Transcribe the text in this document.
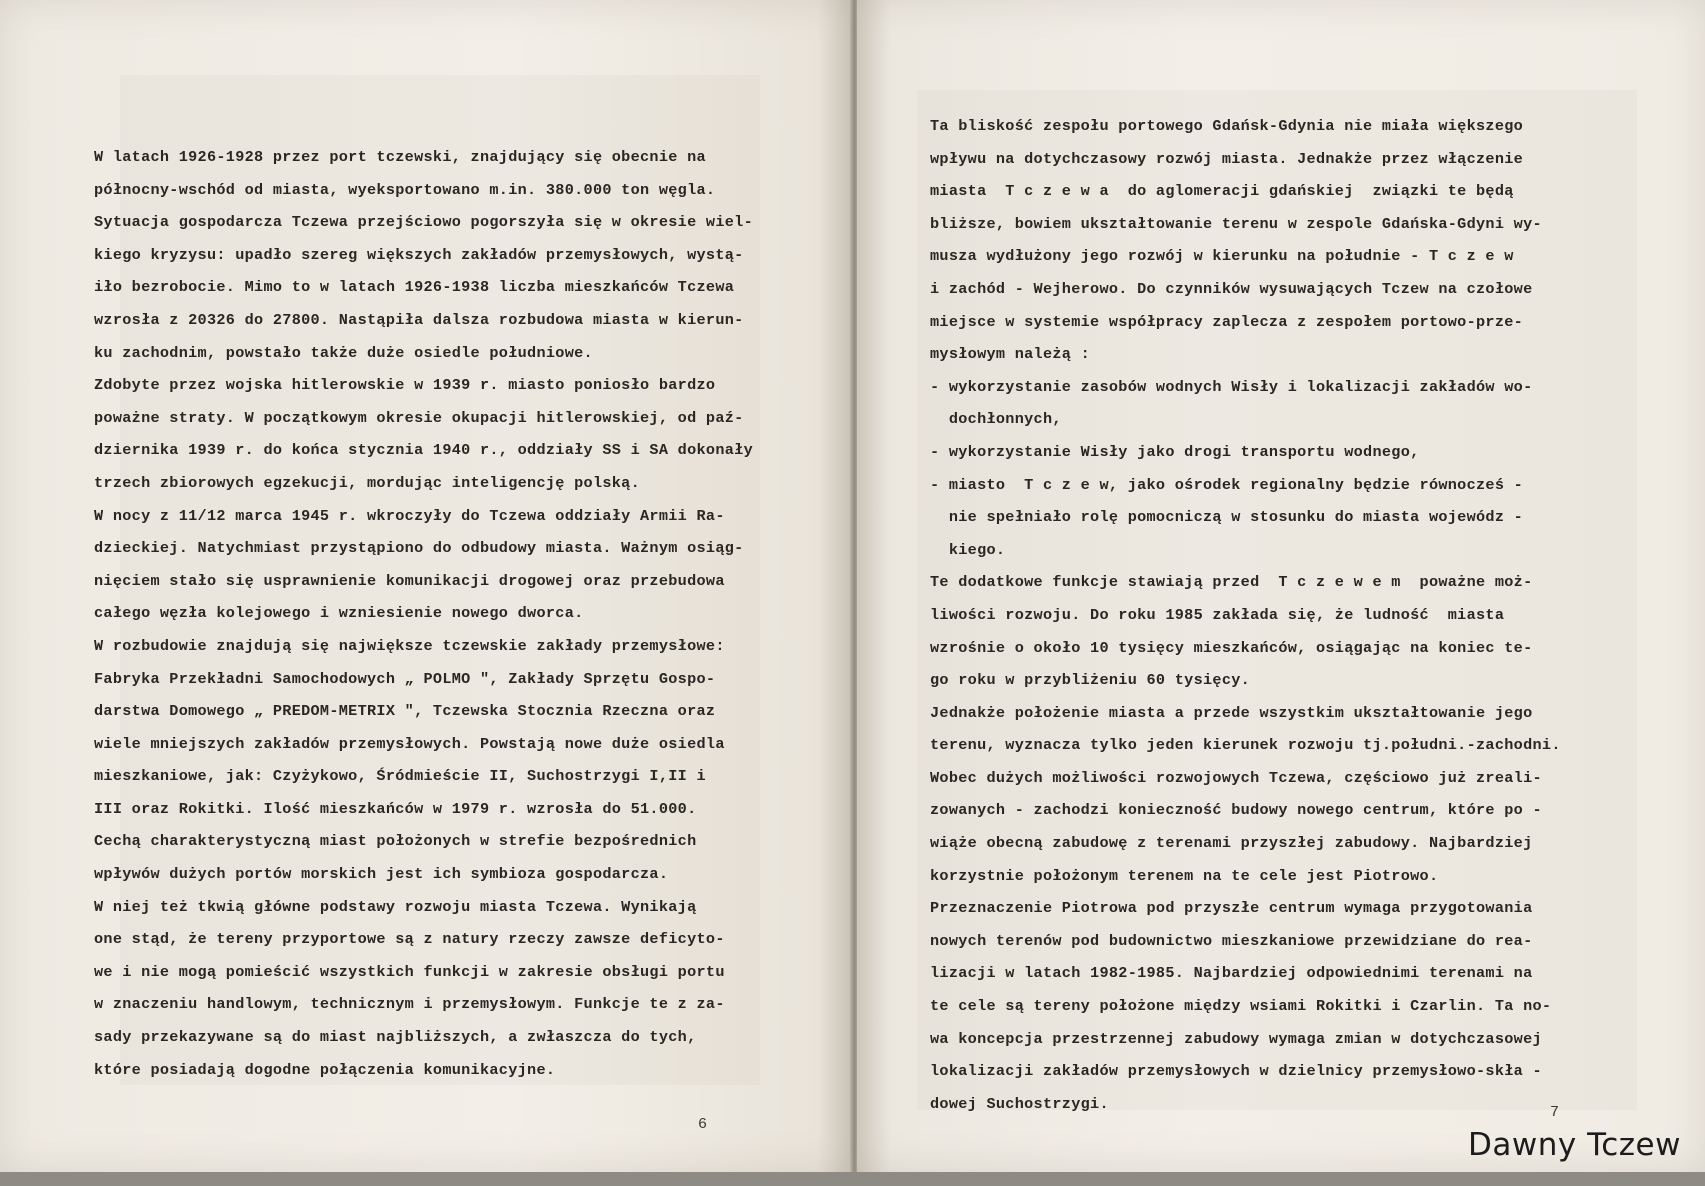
W latach 1926-1928 przez port tczewski, znajdujący się obecnie na

północny-wschód od miasta, wyeksportowano m.in. 380.000 ton węgla.

Sytuacja gospodarcza Tczewa przejściowo pogorszyła się w okresie wiel-

kiego kryzysu: upadło szereg większych zakładów przemysłowych, wystą-

iło bezrobocie. Mimo to w latach 1926-1938 liczba mieszkańców Tczewa

wzrosła z 20326 do 27800. Nastąpiła dalsza rozbudowa miasta w kierun-

ku zachodnim, powstało także duże osiedle południowe.

Zdobyte przez wojska hitlerowskie w 1939 r. miasto poniosło bardzo

poważne straty. W początkowym okresie okupacji hitlerowskiej, od paź-

dziernika 1939 r. do końca stycznia 1940 r., oddziały SS i SA dokonały

trzech zbiorowych egzekucji, mordując inteligencję polską.

W nocy z 11/12 marca 1945 r. wkroczyły do Tczewa oddziały Armii Ra-

dzieckiej. Natychmiast przystąpiono do odbudowy miasta. Ważnym osiąg-

nięciem stało się usprawnienie komunikacji drogowej oraz przebudowa

całego węzła kolejowego i wzniesienie nowego dworca.

W rozbudowie znajdują się największe tczewskie zakłady przemysłowe:

Fabryka Przekładni Samochodowych „ POLMO ", Zakłady Sprzętu Gospo-

darstwa Domowego „ PREDOM-METRIX ", Tczewska Stocznia Rzeczna oraz

wiele mniejszych zakładów przemysłowych. Powstają nowe duże osiedla

mieszkaniowe, jak: Czyżykowo, Śródmieście II, Suchostrzygi I,II i

III oraz Rokitki. Ilość mieszkańców w 1979 r. wzrosła do 51.000.

Cechą charakterystyczną miast położonych w strefie bezpośrednich

wpływów dużych portów morskich jest ich symbioza gospodarcza.

W niej też tkwią główne podstawy rozwoju miasta Tczewa. Wynikają

one stąd, że tereny przyportowe są z natury rzeczy zawsze deficyto-

we i nie mogą pomieścić wszystkich funkcji w zakresie obsługi portu

w znaczeniu handlowym, technicznym i przemysłowym. Funkcje te z za-

sady przekazywane są do miast najbliższych, a zwłaszcza do tych,

które posiadają dogodne połączenia komunikacyjne.

6

Ta bliskość zespołu portowego Gdańsk-Gdynia nie miała większego

wpływu na dotychczasowy rozwój miasta. Jednakże przez włączenie

miasta  T c z e w a  do aglomeracji gdańskiej  związki te będą

bliższe, bowiem ukształtowanie terenu w zespole Gdańska-Gdyni wy-

musza wydłużony jego rozwój w kierunku na południe - T c z e w

i zachód - Wejherowo. Do czynników wysuwających Tczew na czołowe

miejsce w systemie współpracy zaplecza z zespołem portowo-prze-

mysłowym należą :

- wykorzystanie zasobów wodnych Wisły i lokalizacji zakładów wo-

dochłonnych,

- wykorzystanie Wisły jako drogi transportu wodnego,

- miasto  T c z e w, jako ośrodek regionalny będzie równocześ -

nie spełniało rolę pomocniczą w stosunku do miasta wojewódz -

kiego.

Te dodatkowe funkcje stawiają przed  T c z e w e m  poważne moż-

liwości rozwoju. Do roku 1985 zakłada się, że ludność  miasta

wzrośnie o około 10 tysięcy mieszkańców, osiągając na koniec te-

go roku w przybliżeniu 60 tysięcy.

Jednakże położenie miasta a przede wszystkim ukształtowanie jego

terenu, wyznacza tylko jeden kierunek rozwoju tj.południ.-zachodni.

Wobec dużych możliwości rozwojowych Tczewa, częściowo już zreali-

zowanych - zachodzi konieczność budowy nowego centrum, które po -

wiąże obecną zabudowę z terenami przyszłej zabudowy. Najbardziej

korzystnie położonym terenem na te cele jest Piotrowo.

Przeznaczenie Piotrowa pod przyszłe centrum wymaga przygotowania

nowych terenów pod budownictwo mieszkaniowe przewidziane do rea-

lizacji w latach 1982-1985. Najbardziej odpowiednimi terenami na

te cele są tereny położone między wsiami Rokitki i Czarlin. Ta no-

wa koncepcja przestrzennej zabudowy wymaga zmian w dotychczasowej

lokalizacji zakładów przemysłowych w dzielnicy przemysłowo-skła -

dowej Suchostrzygi.	7
Dawny Tczew
